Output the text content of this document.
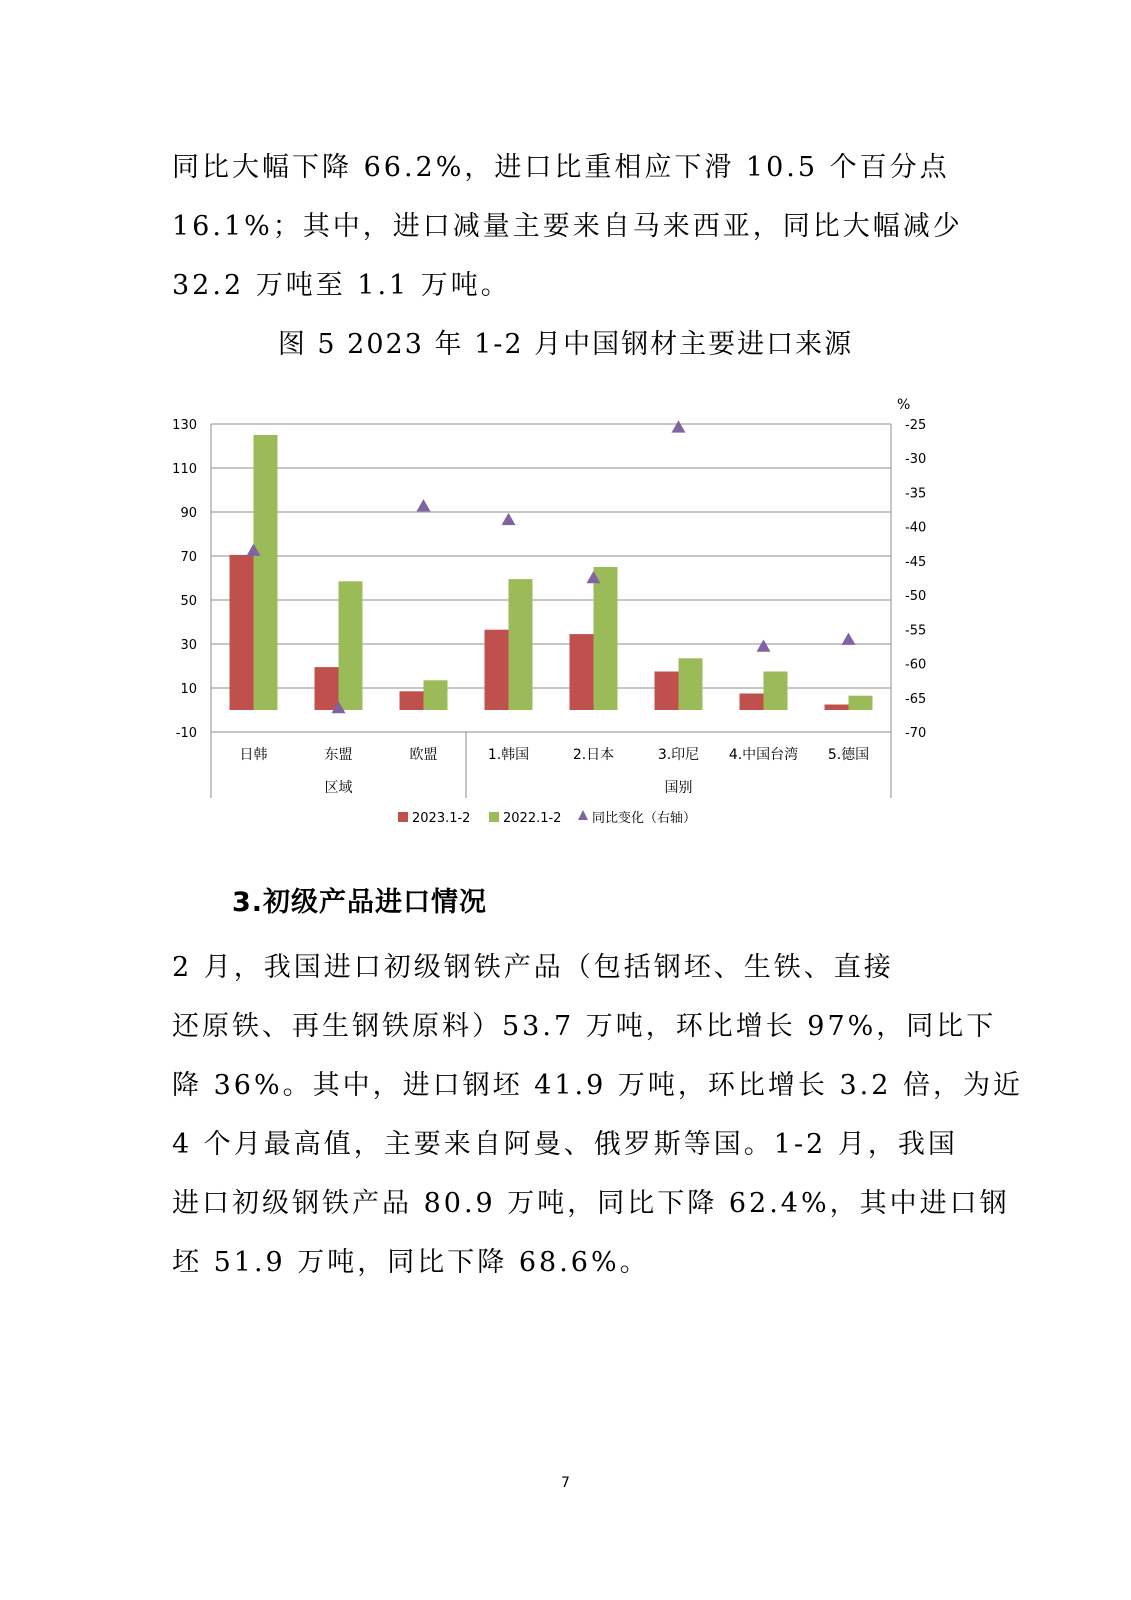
同比大幅下降 66.2%，进口比重相应下滑 10.5 个百分点
16.1%；其中，进口减量主要来自马来西亚，同比大幅减少
32.2 万吨至 1.1 万吨。

图 5 2023 年 1-2 月中国钢材主要进口来源

130
110
90
70
50
30
10
-10
-25
-30
-35
-40
-45
-50
-55
-60
-65
-70
%
日韩	东盟	欧盟	1.韩国	2.日本	3.印尼 4.中国台湾 5.德国
区域	国别
2023.1-2	2022.1-2 同比变化（右轴）
3.初级产品进口情况
2 月，我国进口初级钢铁产品（包括钢坯、生铁、直接
还原铁、再生钢铁原料）53.7 万吨，环比增长 97%，同比下
降 36%。其中，进口钢坯 41.9 万吨，环比增长 3.2 倍，为近
4 个月最高值，主要来自阿曼、俄罗斯等国。1-2 月，我国
进口初级钢铁产品 80.9 万吨，同比下降 62.4%，其中进口钢
坯 51.9 万吨，同比下降 68.6%。
7
